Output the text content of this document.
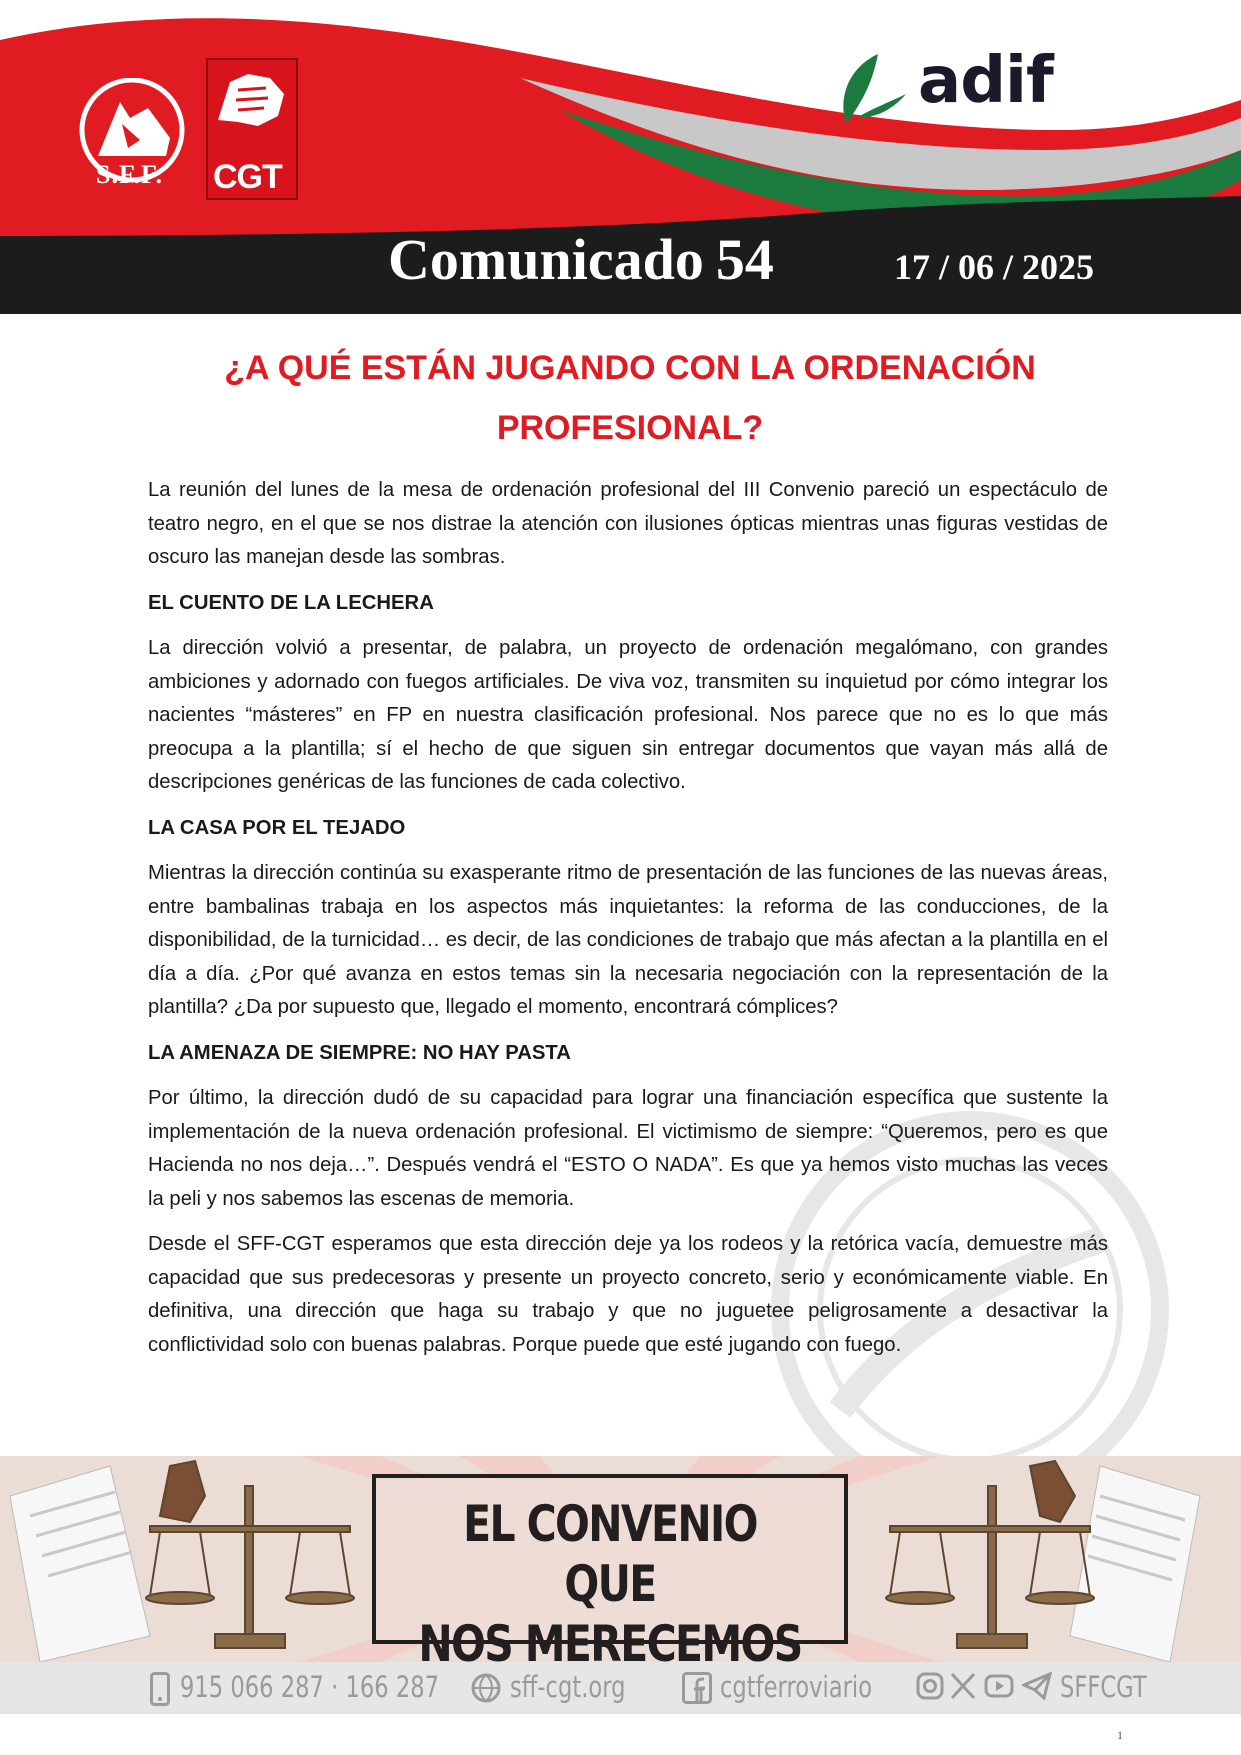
S.F.F. CGT
adif
Comunicado 54	17 / 06 / 2025
¿A QUÉ ESTÁN JUGANDO CON LA ORDENACIÓN
PROFESIONAL?

La reunión del lunes de la mesa de ordenación profesional del III Convenio pareció un espectáculo de teatro negro, en el que se nos distrae la atención con ilusiones ópticas mientras unas figuras vestidas de oscuro las manejan desde las sombras.

EL CUENTO DE LA LECHERA

La dirección volvió a presentar, de palabra, un proyecto de ordenación megalómano, con grandes ambiciones y adornado con fuegos artificiales. De viva voz, transmiten su inquietud por cómo integrar los nacientes “másteres” en FP en nuestra clasificación profesional. Nos parece que no es lo que más preocupa a la plantilla; sí el hecho de que siguen sin entregar documentos que vayan más allá de descripciones genéricas de las funciones de cada colectivo.

LA CASA POR EL TEJADO

Mientras la dirección continúa su exasperante ritmo de presentación de las funciones de las nuevas áreas, entre bambalinas trabaja en los aspectos más inquietantes: la reforma de las conducciones, de la disponibilidad, de la turnicidad… es decir, de las condiciones de trabajo que más afectan a la plantilla en el día a día. ¿Por qué avanza en estos temas sin la necesaria negociación con la representación de la plantilla? ¿Da por supuesto que, llegado el momento, encontrará cómplices?

LA AMENAZA DE SIEMPRE: NO HAY PASTA

Por último, la dirección dudó de su capacidad para lograr una financiación específica que sustente la implementación de la nueva ordenación profesional. El victimismo de siempre: “Queremos, pero es que Hacienda no nos deja…”. Después vendrá el “ESTO O NADA”. Es que ya hemos visto muchas las veces la peli y nos sabemos las escenas de memoria.

Desde el SFF-CGT esperamos que esta dirección deje ya los rodeos y la retórica vacía, demuestre más capacidad que sus predecesoras y presente un proyecto concreto, serio y económicamente viable. En definitiva, una dirección que haga su trabajo y que no juguetee peligrosamente a desactivar la conflictividad solo con buenas palabras. Porque puede que esté jugando con fuego.

EL CONVENIO QUE
NOS MERECEMOS
915 066 287 · 166 287 sff-cgt.org	cgtferroviario	SFFCGT
1
